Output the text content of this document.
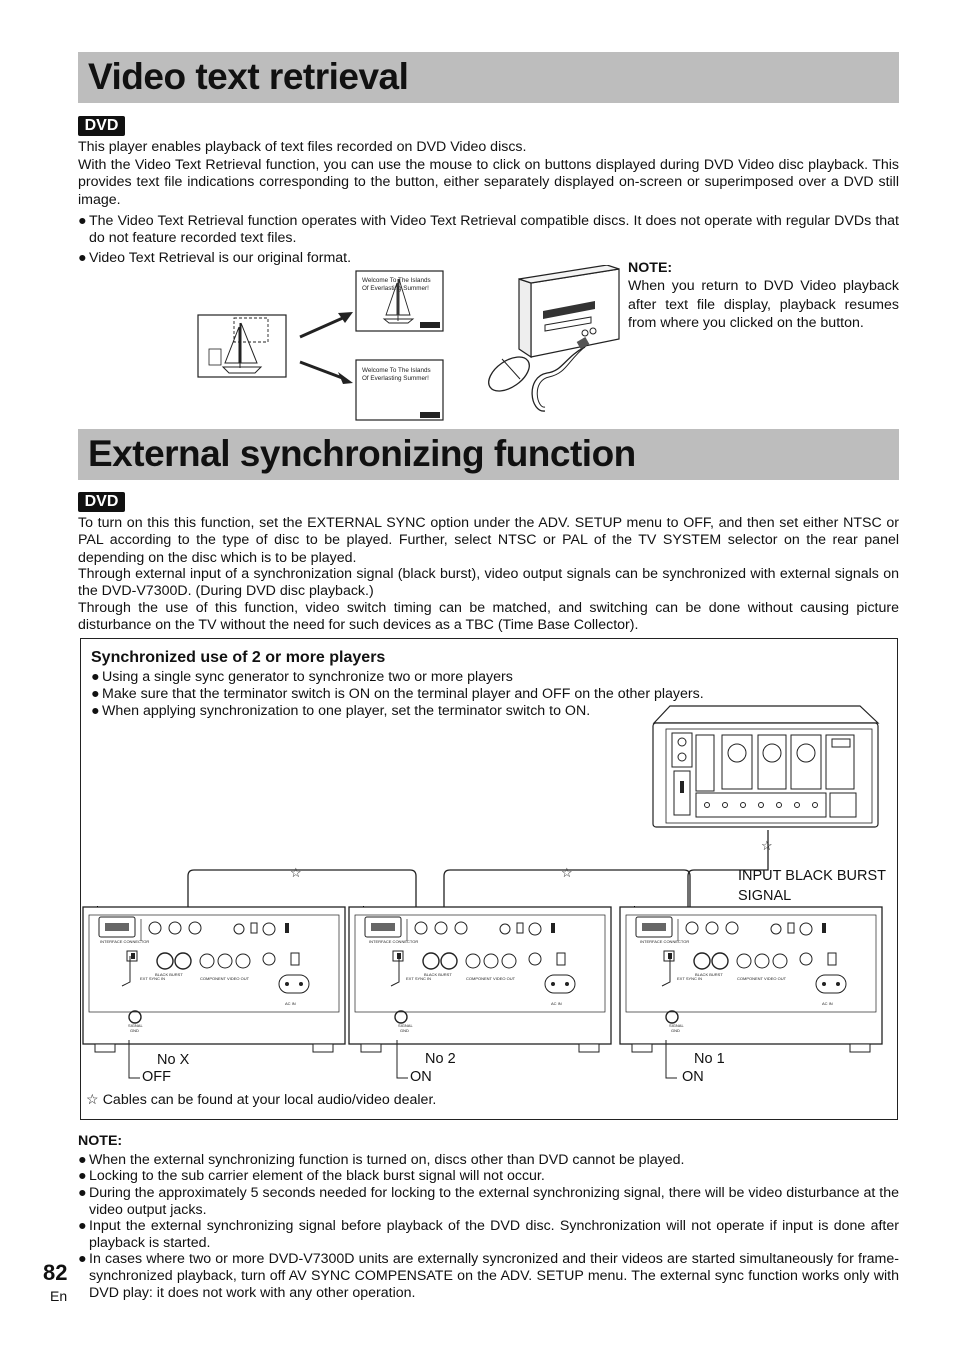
Video text retrieval
DVD

This player enables playback of text files recorded on DVD Video discs.

With the Video Text Retrieval function, you can use the mouse to click on buttons displayed during DVD Video disc playback. This provides text file indications corresponding to the button, either separately displayed on-screen or superimposed over a DVD still image.

● The Video Text Retrieval function operates with Video Text Retrieval compatible discs. It does not operate with regular DVDs that do not feature recorded text files.

● Video Text Retrieval is our original format.

Welcome To The Islands
Of Everlasting Summer!
Welcome To The Islands
Of Everlasting Summer!
NOTE:
When you return to DVD Video playback after text file display, playback resumes from where you clicked on the button.
External synchronizing function
DVD

To turn on this this function, set the EXTERNAL SYNC option under the ADV. SETUP menu to OFF, and then set either NTSC or PAL according to the type of disc to be played. Further, select NTSC or PAL of the TV SYSTEM selector on the rear panel depending on the disc which is to be played.

Through external input of a synchronization signal (black burst), video output signals can be synchronized with external signals on the DVD-V7300D. (During DVD disc playback.)

Through the use of this function, video switch timing can be matched, and switching can be done without causing picture disturbance on the TV without the need for such devices as a TBC (Time Base Collector).

Synchronized use of 2 or more players

● Using a single sync generator to synchronize two or more players

● Make sure that the terminator switch is ON on the terminal player and OFF on the other players.

● When applying synchronization to one player, set the terminator switch to ON.

☆
☆	☆	INPUT BLACK BURST
SIGNAL
INTERFACE CONNECTOR
BLACK BURST
EXT SYNC IN	COMPONENT VIDEO OUT
AC IN
SIGNAL
GND
INTERFACE CONNECTOR
BLACK BURST
EXT SYNC IN	COMPONENT VIDEO OUT
AC IN
SIGNAL
GND
INTERFACE CONNECTOR
BLACK BURST
EXT SYNC IN	COMPONENT VIDEO OUT
AC IN
SIGNAL
GND
No X
OFF
No 2
ON
No 1
ON
☆ Cables can be found at your local audio/video dealer.
NOTE:

● When the external synchronizing function is turned on, discs other than DVD cannot be played.

● Locking to the sub carrier element of the black burst signal will not occur.

● During the approximately 5 seconds needed for locking to the external synchronizing signal, there will be video disturbance at the video output jacks.

● Input the external synchronizing signal before playback of the DVD disc. Synchronization will not operate if input is done after playback is started.

● In cases where two or more DVD-V7300D units are externally syncronized and their videos are started simultaneously for frame-synchronized playback, turn off AV SYNC COMPENSATE on the ADV. SETUP menu. The external sync function works only with DVD play: it does not work with any other operation.

82
En
